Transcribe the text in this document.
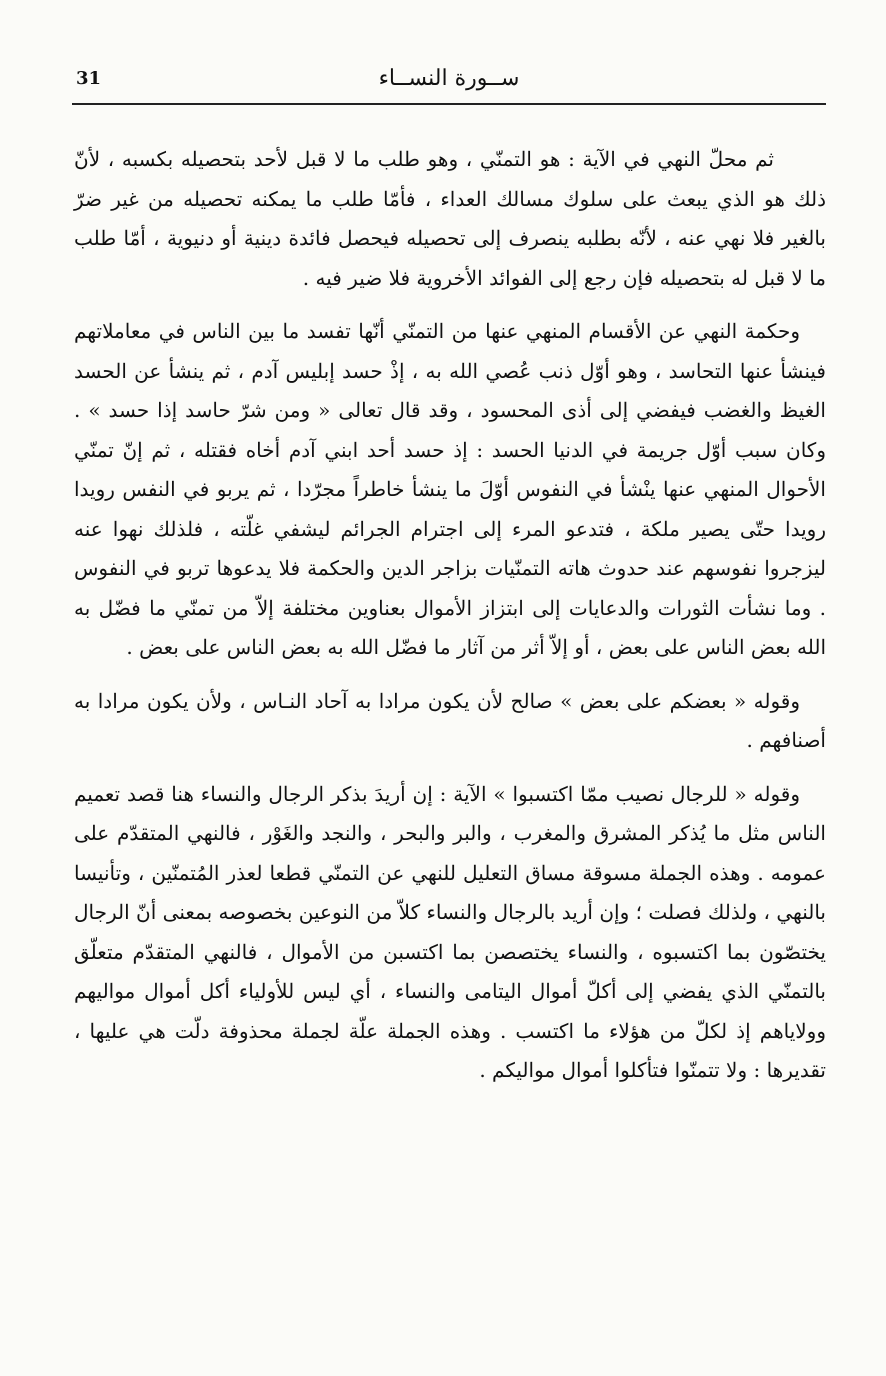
31	ســورة النســاء

ثم محلّ النهي في الآية : هو التمنّي ، وهو طلب ما لا قبل لأحد بتحصيله بكسبه ، لأنّ ذلك هو الذي يبعث على سلوك مسالك العداء ، فأمّا طلب ما يمكنه تحصيله من غير ضرّ بالغير فلا نهي عنه ، لأنّه بطلبه ينصرف إلى تحصيله فيحصل فائدة دينية أو دنيوية ، أمّا طلب ما لا قبل له بتحصيله فإن رجع إلى الفوائد الأخروية فلا ضير فيه .

وحكمة النهي عن الأقسام المنهي عنها من التمنّي أنّها تفسد ما بين الناس في معاملاتهم فينشأ عنها التحاسد ، وهو أوّل ذنب عُصي الله به ، إذْ حسد إبليس آدم ، ثم ينشأ عن الحسد الغيظ والغضب فيفضي إلى أذى المحسود ، وقد قال تعالى « ومن شرّ حاسد إذا حسد » . وكان سبب أوّل جريمة في الدنيا الحسد : إذ حسد أحد ابني آدم أخاه فقتله ، ثم إنّ تمنّي الأحوال المنهي عنها ينْشأ في النفوس أوّلَ ما ينشأ خاطراً مجرّدا ، ثم يربو في النفس رويدا رويدا حتّى يصير ملكة ، فتدعو المرء إلى اجترام الجرائم ليشفي غلّته ، فلذلك نهوا عنه ليزجروا نفوسهم عند حدوث هاته التمنّيات بزاجر الدين والحكمة فلا يدعوها تربو في النفوس . وما نشأت الثورات والدعايات إلى ابتزاز الأموال بعناوين مختلفة إلاّ من تمنّي ما فضّل به الله بعض الناس على بعض ، أو إلاّ أثر من آثار ما فضّل الله به بعض الناس على بعض .

وقوله « بعضكم على بعض » صالح لأن يكون مرادا به آحاد النـاس ، ولأن يكون مرادا به أصنافهم .

وقوله « للرجال نصيب ممّا اكتسبوا » الآية : إن أريدَ بذكر الرجال والنساء هنا قصد تعميم الناس مثل ما يُذكر المشرق والمغرب ، والبر والبحر ، والنجد والغَوْر ، فالنهي المتقدّم على عمومه . وهذه الجملة مسوقة مساق التعليل للنهي عن التمنّي قطعا لعذر المُتمنّين ، وتأنيسا بالنهي ، ولذلك فصلت ؛ وإن أريد بالرجال والنساء كلاّ من النوعين بخصوصه بمعنى أنّ الرجال يختصّون بما اكتسبوه ، والنساء يختصصن بما اكتسبن من الأموال ، فالنهي المتقدّم متعلّق بالتمنّي الذي يفضي إلى أكلّ أموال اليتامى والنساء ، أي ليس للأولياء أكل أموال مواليهم وولاياهم إذ لكلّ من هؤلاء ما اكتسب . وهذه الجملة علّة لجملة محذوفة دلّت هي عليها ، تقديرها : ولا تتمنّوا فتأكلوا أموال مواليكم .
